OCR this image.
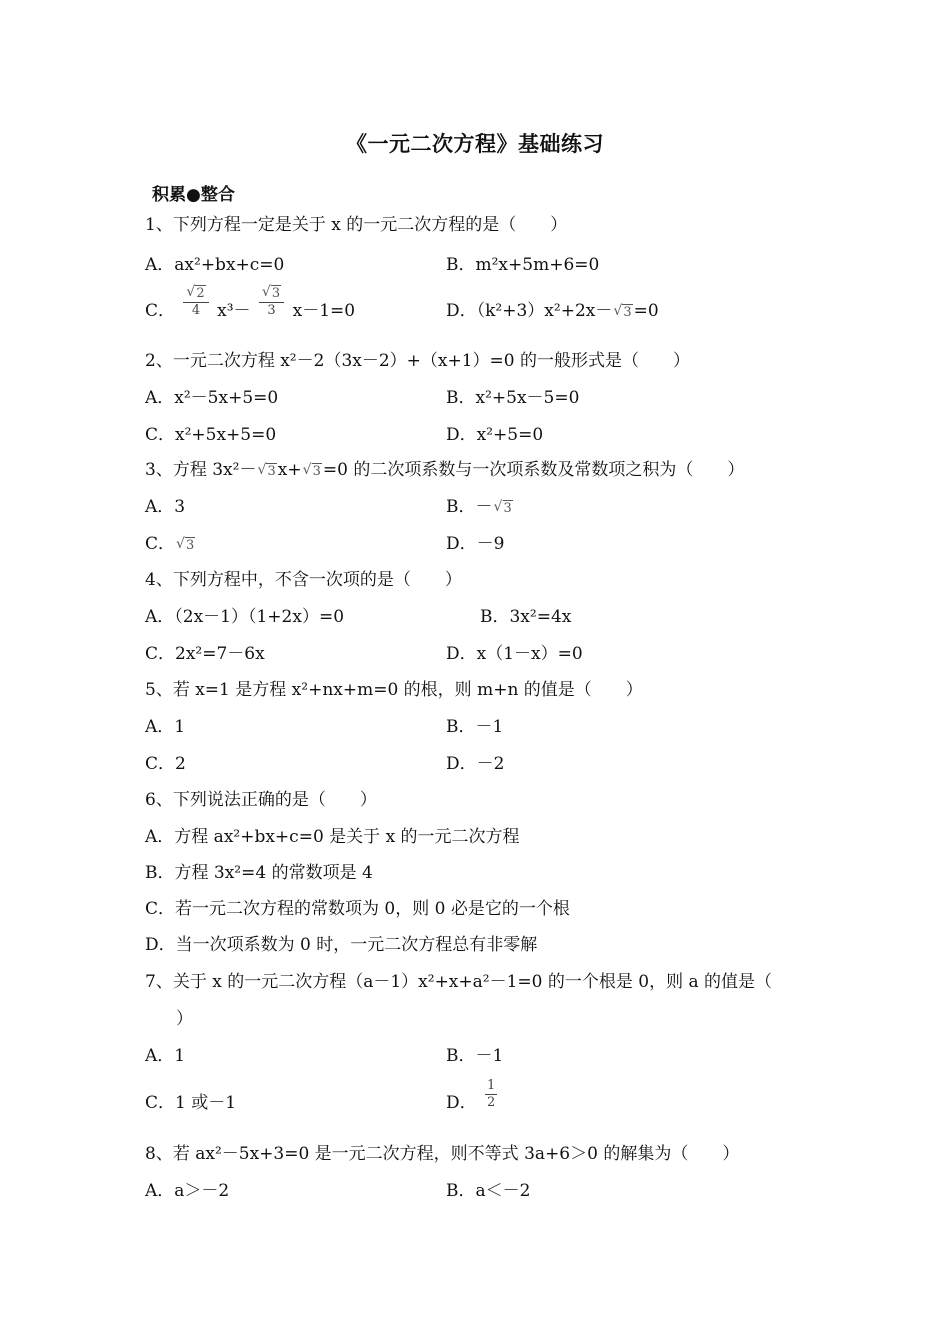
《一元二次方程》基础练习
积累●整合
1、下列方程一定是关于 x 的一元二次方程的是（　　）
A．ax²+bx+c=0	B．m²x+5m+6=0
C． √ $\frac{2}{4} x^3-$ √ $\frac{3}{3} x-1=0$	D．（k²+3）x²+2x－ √ 3 =0
2、一元二次方程 x²－2（3x－2）+（x+1）=0 的一般形式是（　　）
A．x²－5x+5=0	B．x²+5x－5=0
C．x²+5x+5=0	D．x²+5=0
3、方程 3x²－ √ 3 x+ √ 3 =0 的二次项系数与一次项系数及常数项之积为（　　）
A．3	B．－ √ 3
C． √ 3	D．－9
4、下列方程中，不含一次项的是（　　）
A．（2x－1）（1+2x）=0	B．3x²=4x
C．2x²=7－6x	D．x（1－x）=0
5、若 x=1 是方程 x²+nx+m=0 的根，则 m+n 的值是（　　）
A．1	B．－1
C．2	D．－2
6、下列说法正确的是（　　）
A．方程 ax²+bx+c=0 是关于 x 的一元二次方程
B．方程 3x²=4 的常数项是 4
C．若一元二次方程的常数项为 0，则 0 必是它的一个根
D．当一次项系数为 0 时，一元二次方程总有非零解
7、关于 x 的一元二次方程（a－1）x²+x+a²－1=0 的一个根是 0，则 a 的值是（
）
A．1	B．－1
C．1 或－1	D． $\frac{1}{2}$
8、若 ax²－5x+3=0 是一元二次方程，则不等式 3a+6＞0 的解集为（　　）
A．a＞－2	B．a＜－2
